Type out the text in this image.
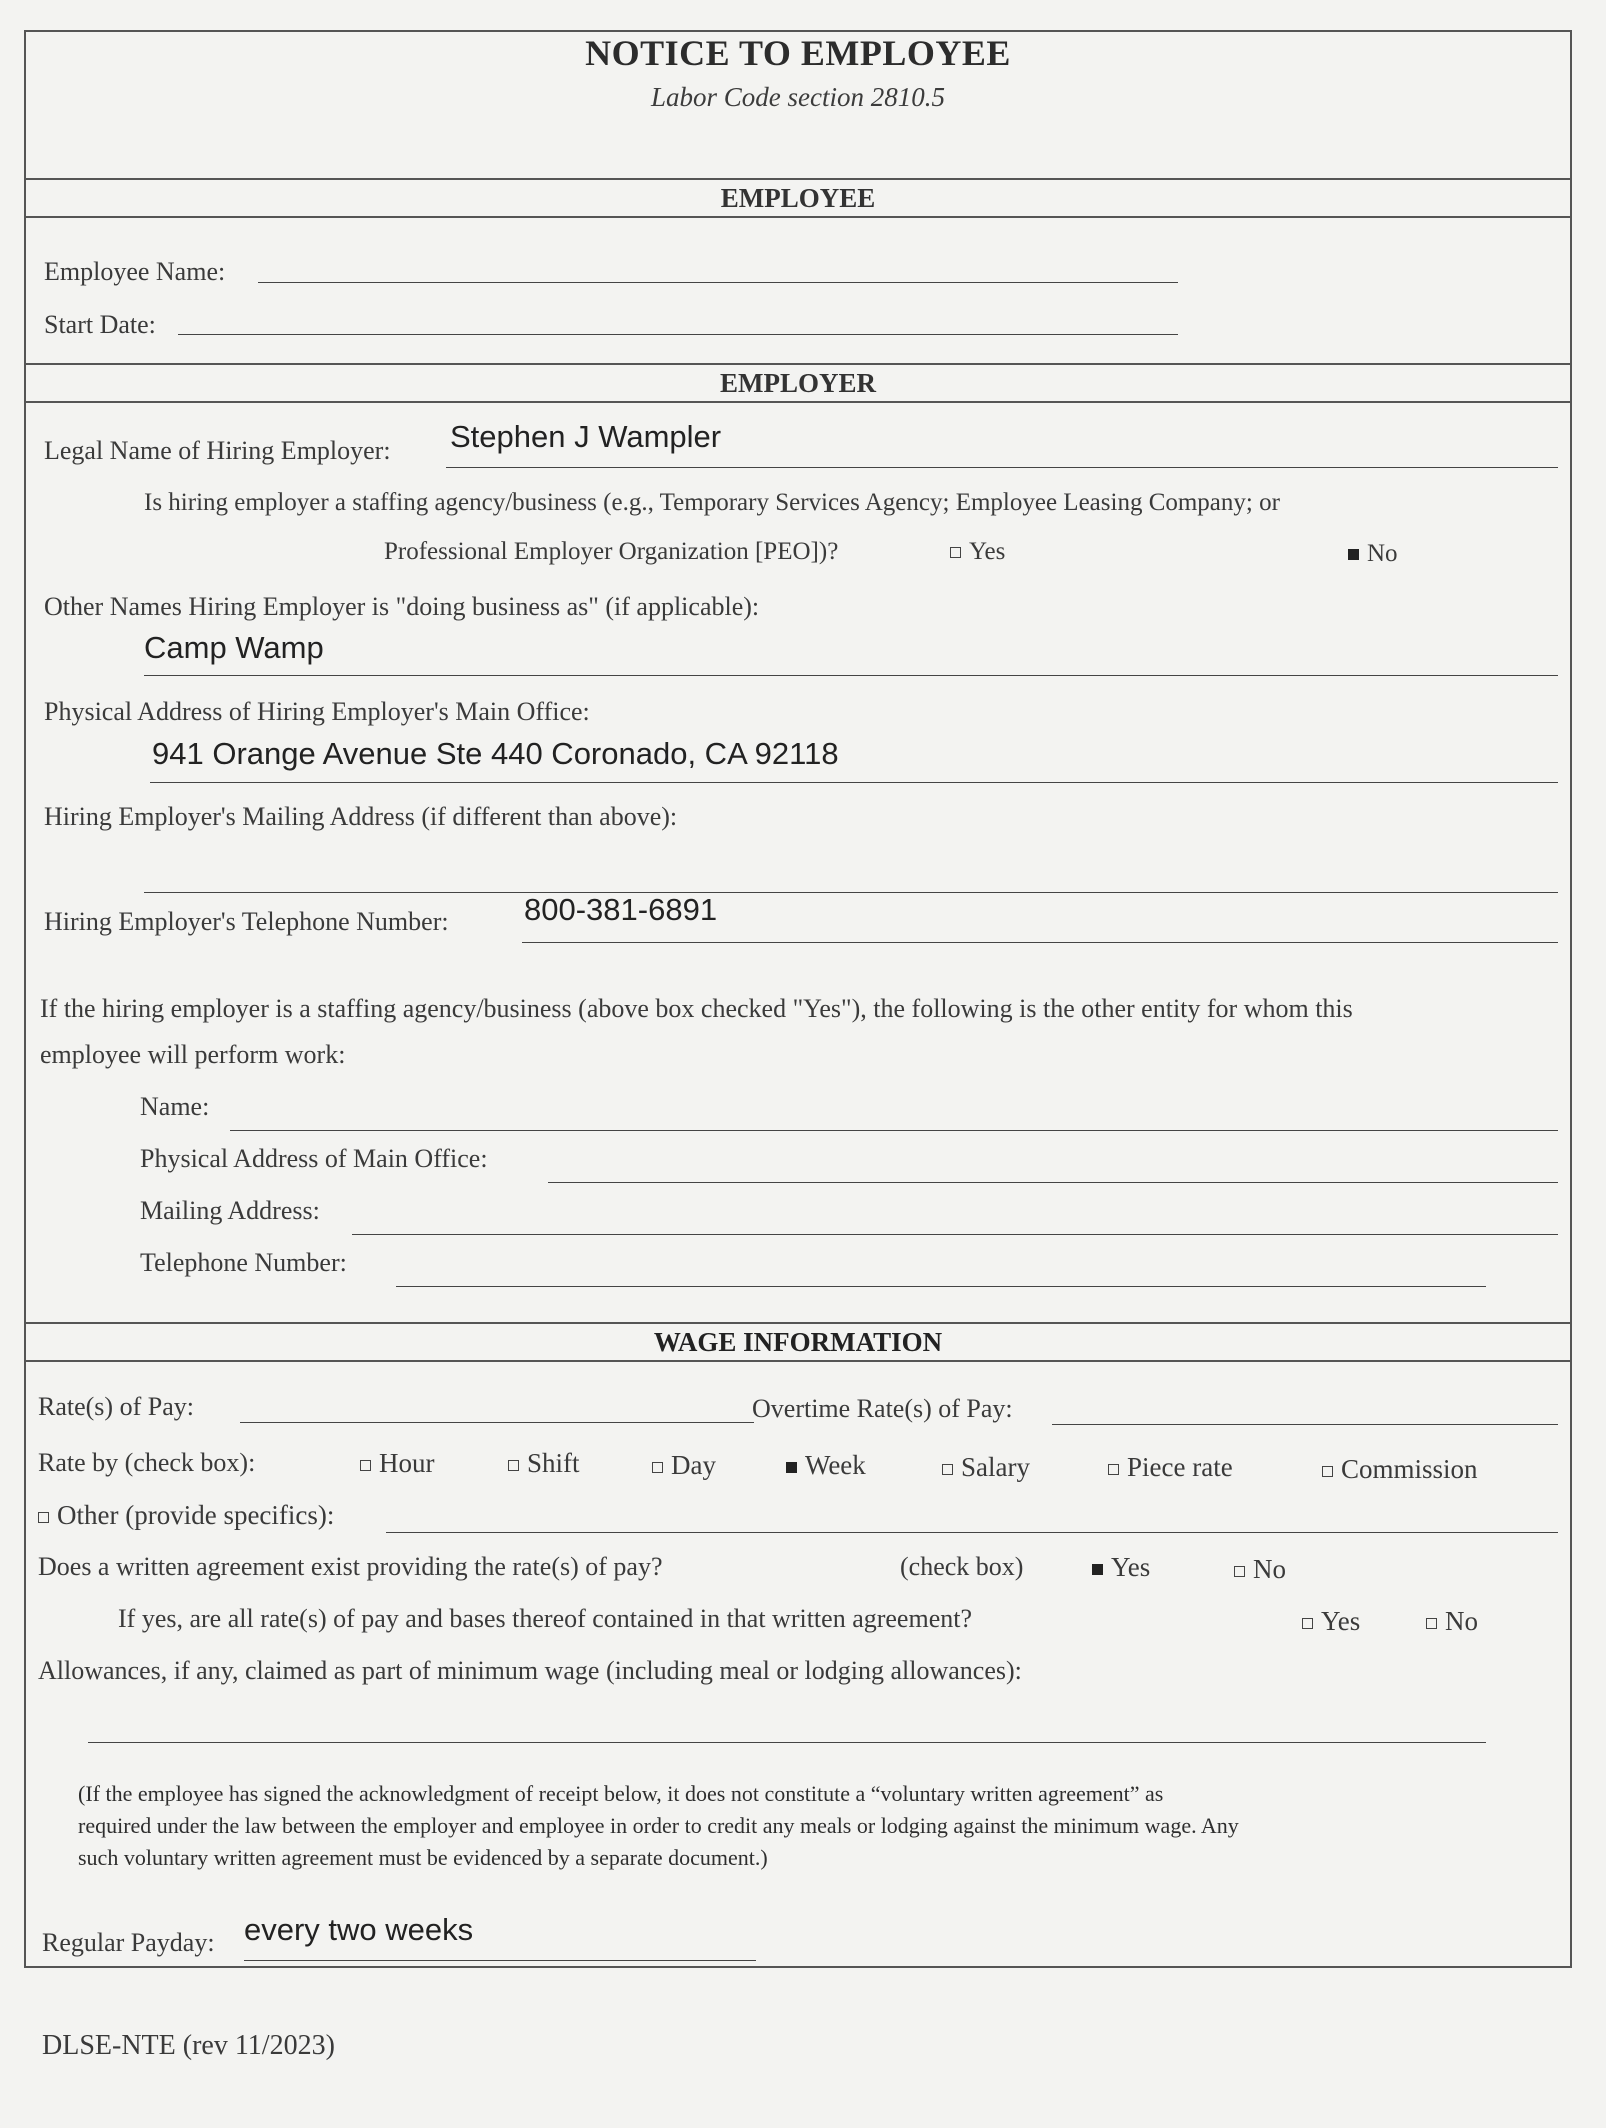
NOTICE TO EMPLOYEE
Labor Code section 2810.5
EMPLOYEE
Employee Name:
Start Date:
EMPLOYER
Legal Name of Hiring Employer: Stephen J Wampler
Is hiring employer a staffing agency/business (e.g., Temporary Services Agency; Employee Leasing Company; or
Professional Employer Organization [PEO])?	Yes	No
Other Names Hiring Employer is "doing business as" (if applicable):
Camp Wamp
Physical Address of Hiring Employer's Main Office:
941 Orange Avenue Ste 440 Coronado, CA 92118
Hiring Employer's Mailing Address (if different than above):
Hiring Employer's Telephone Number: 800-381-6891
If the hiring employer is a staffing agency/business (above box checked "Yes"), the following is the other entity for whom this
employee will perform work:
Name:
Physical Address of Main Office:
Mailing Address:
Telephone Number:
WAGE INFORMATION
Rate(s) of Pay:	Overtime Rate(s) of Pay:
Rate by (check box):	Hour	Shift	Day	Week	Salary	Piece rate	Commission
Other (provide specifics):
Does a written agreement exist providing the rate(s) of pay?	(check box)	Yes	No
If yes, are all rate(s) of pay and bases thereof contained in that written agreement?	Yes	No
Allowances, if any, claimed as part of minimum wage (including meal or lodging allowances):
(If the employee has signed the acknowledgment of receipt below, it does not constitute a “voluntary written agreement” as
required under the law between the employer and employee in order to credit any meals or lodging against the minimum wage. Any
such voluntary written agreement must be evidenced by a separate document.)
Regular Payday: every two weeks
DLSE-NTE (rev 11/2023)
